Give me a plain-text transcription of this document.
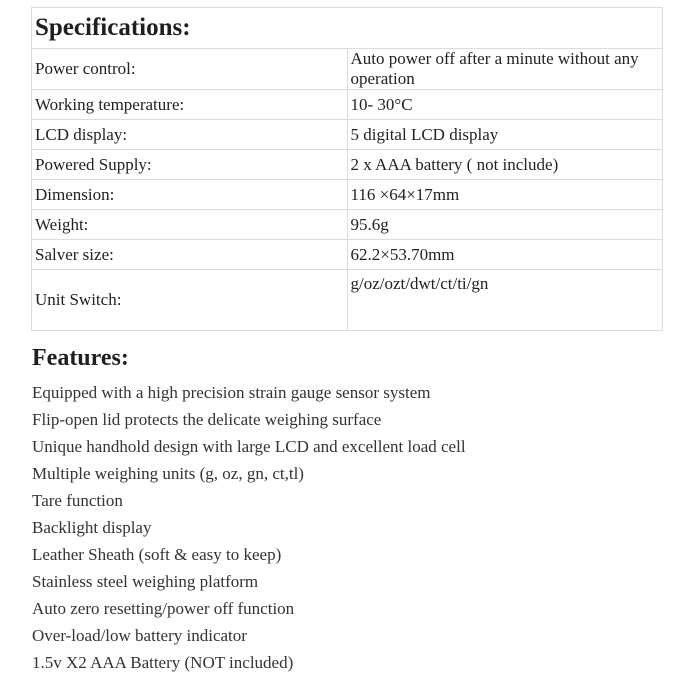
Specifications:	
Power control:	Auto power off after a minute without any operation
Working temperature:	10- 30°C
LCD display:	5 digital LCD display
Powered Supply:	2 x AAA battery ( not include)
Dimension:	116 ×64×17mm
Weight:	95.6g
Salver size:	62.2×53.70mm
Unit Switch:	g/oz/ozt/dwt/ct/ti/gn
Features:
Equipped with a high precision strain gauge sensor system
Flip-open lid protects the delicate weighing surface
Unique handhold design with large LCD and excellent load cell
Multiple weighing units (g, oz, gn, ct,tl)
Tare function
Backlight display
Leather Sheath (soft & easy to keep)
Stainless steel weighing platform
Auto zero resetting/power off function
Over-load/low battery indicator
1.5v X2 AAA Battery (NOT included)
